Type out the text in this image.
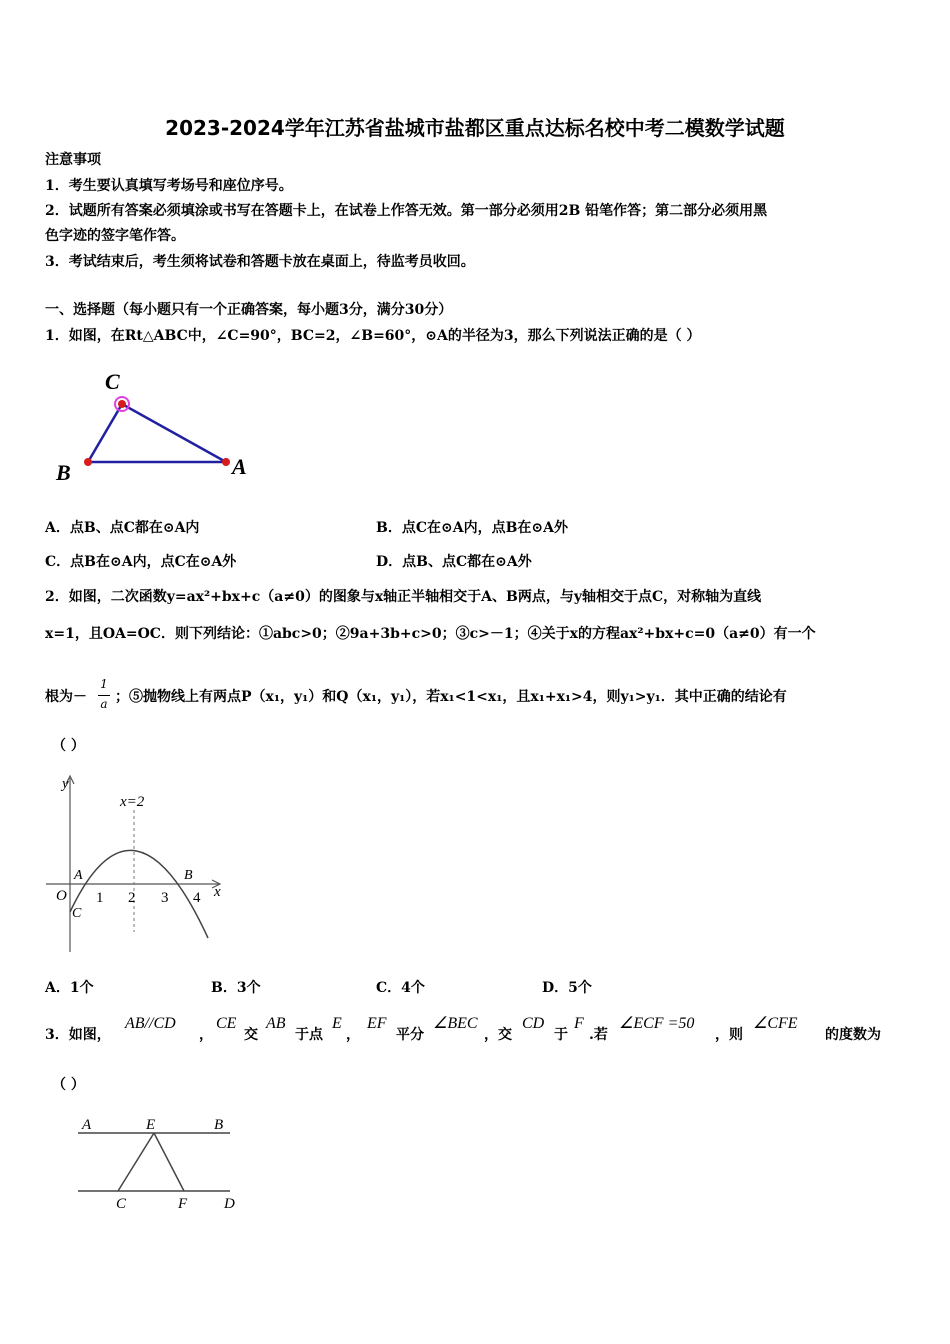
2023-2024学年江苏省盐城市盐都区重点达标名校中考二模数学试题
注意事项
1．考生要认真填写考场号和座位序号。
2．试题所有答案必须填涂或书写在答题卡上，在试卷上作答无效。第一部分必须用2B 铅笔作答；第二部分必须用黑
色字迹的签字笔作答。
3．考试结束后，考生须将试卷和答题卡放在桌面上，待监考员收回。
一、选择题（每小题只有一个正确答案，每小题3分，满分30分）
1．如图，在Rt△ABC中，∠C=90°，BC=2，∠B=60°，⊙A的半径为3，那么下列说法正确的是（ ）
C
B	A
A．点B、点C都在⊙A内	B．点C在⊙A内，点B在⊙A外
C．点B在⊙A内，点C在⊙A外	D．点B、点C都在⊙A外
2．如图，二次函数y=ax²+bx+c（a≠0）的图象与x轴正半轴相交于A、B两点，与y轴相交于点C，对称轴为直线
x=1，且OA=OC．则下列结论：①abc>0；②9a+3b+c>0；③c>－1；④关于x的方程ax²+bx+c=0（a≠0）有一个
根为－
1
a ；⑤抛物线上有两点P（x₁，y₁）和Q（x₁，y₁），若x₁<1<x₁，且x₁+x₁>4，则y₁>y₁．其中正确的结论有
（ ）
y
x
x=2
O
A	B
C
1 2 3 4
A．1个	B．3个	C．4个	D．5个
3．如图，
AB//CD
，
CE
交
AB
于点
E
，
EF
平分
∠BEC
，交
CD
于
F
.若
∠ECF =50
，则
∠CFE
的度数为
（ ）
A	E	B
C	F D
